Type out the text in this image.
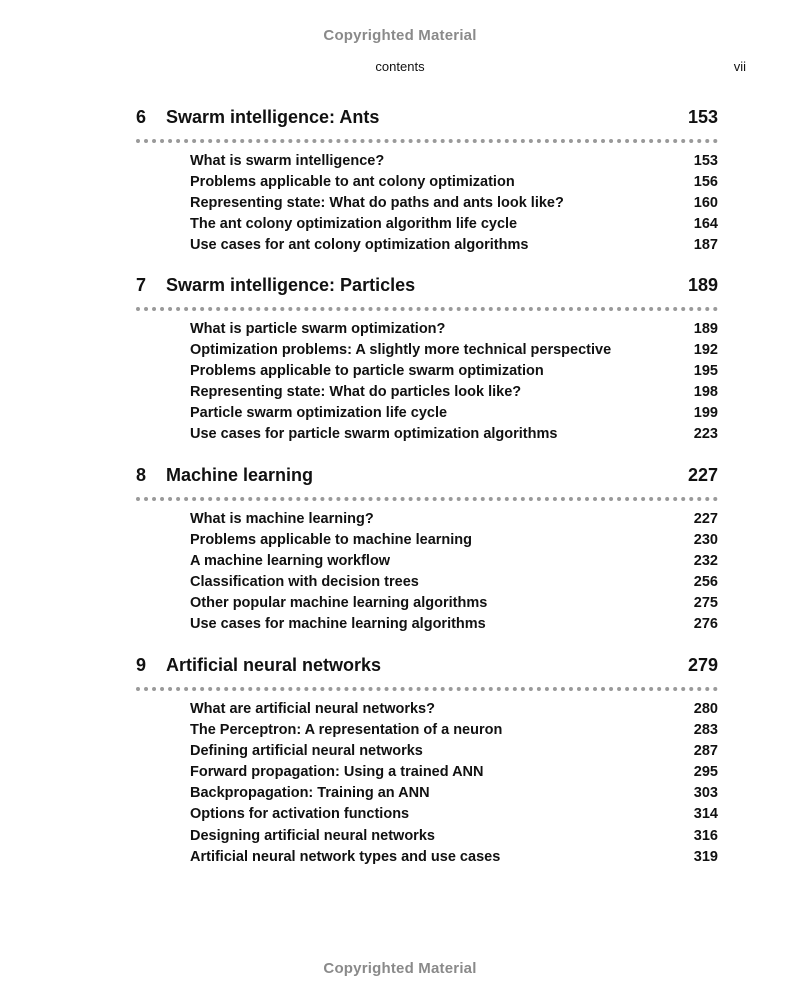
Copyrighted Material
contents	vii
6 Swarm intelligence: Ants	153
What is swarm intelligence?	153
Problems applicable to ant colony optimization	156
Representing state: What do paths and ants look like?	160
The ant colony optimization algorithm life cycle	164
Use cases for ant colony optimization algorithms	187
7 Swarm intelligence: Particles	189
What is particle swarm optimization?	189
Optimization problems: A slightly more technical perspective	192
Problems applicable to particle swarm optimization	195
Representing state: What do particles look like?	198
Particle swarm optimization life cycle	199
Use cases for particle swarm optimization algorithms	223
8 Machine learning	227
What is machine learning?	227
Problems applicable to machine learning	230
A machine learning workflow	232
Classification with decision trees	256
Other popular machine learning algorithms	275
Use cases for machine learning algorithms	276
9 Artificial neural networks	279
What are artificial neural networks?	280
The Perceptron: A representation of a neuron	283
Defining artificial neural networks	287
Forward propagation: Using a trained ANN	295
Backpropagation: Training an ANN	303
Options for activation functions	314
Designing artificial neural networks	316
Artificial neural network types and use cases	319
Copyrighted Material
